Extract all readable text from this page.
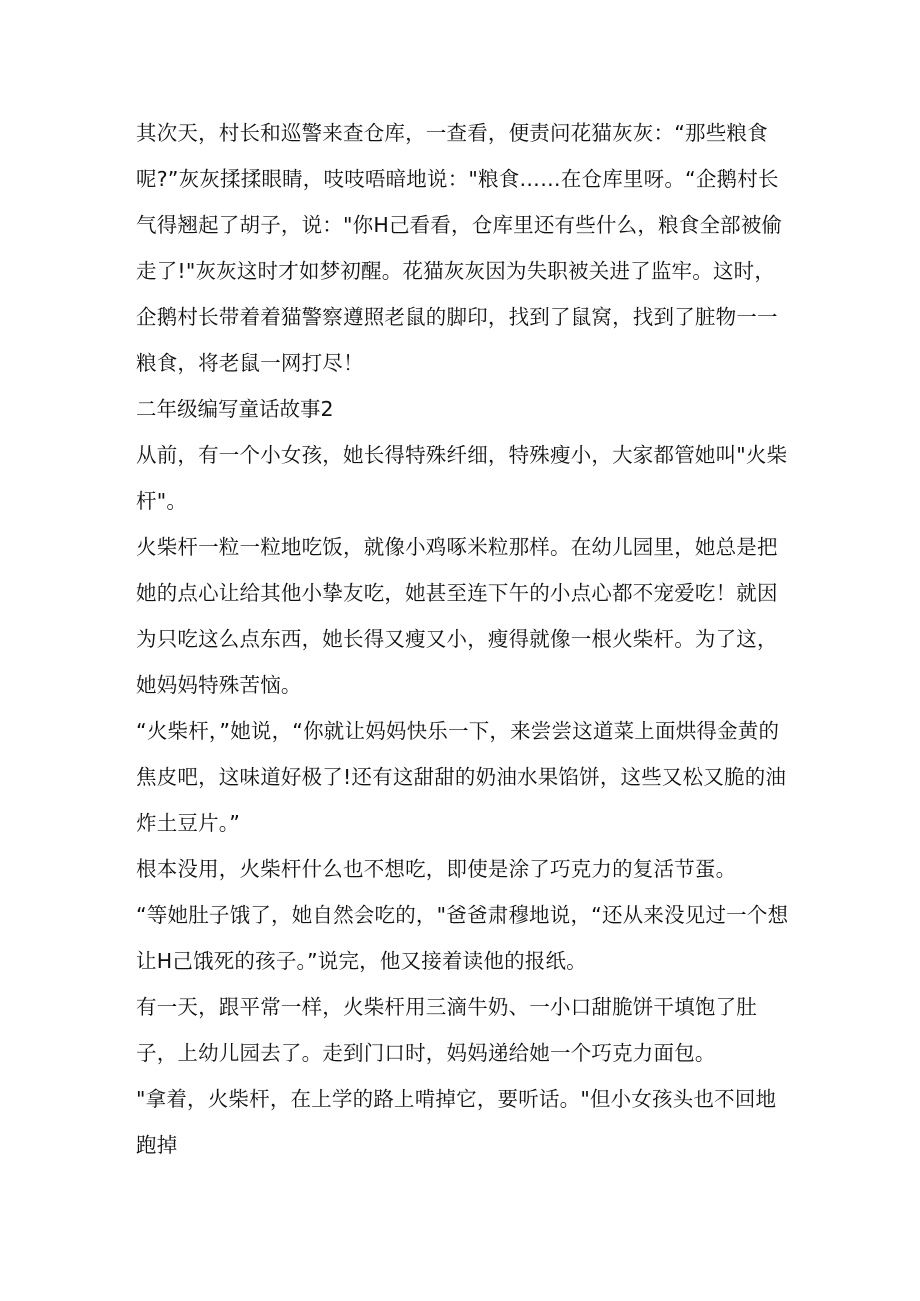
其次天，村长和巡警来查仓库，一查看，便责问花猫灰灰：“那些粮食呢?”灰灰揉揉眼睛，吱吱唔暗地说："粮食……在仓库里呀。“企鹅村长气得翘起了胡子，说："你H己看看，仓库里还有些什么，粮食全部被偷走了!"灰灰这时才如梦初醒。花猫灰灰因为失职被关进了监牢。这时，企鹅村长带着着猫警察遵照老鼠的脚印，找到了鼠窝，找到了脏物一一粮食，将老鼠一网打尽！

二年级编写童话故事2

从前，有一个小女孩，她长得特殊纤细，特殊瘦小，大家都管她叫"火柴杆"。

火柴杆一粒一粒地吃饭，就像小鸡啄米粒那样。在幼儿园里，她总是把她的点心让给其他小挚友吃，她甚至连下午的小点心都不宠爱吃！就因为只吃这么点东西，她长得又瘦又小，瘦得就像一根火柴杆。为了这，她妈妈特殊苦恼。

“火柴杆，”她说，“你就让妈妈快乐一下，来尝尝这道菜上面烘得金黄的焦皮吧，这味道好极了!还有这甜甜的奶油水果馅饼，这些又松又脆的油炸土豆片。”

根本没用，火柴杆什么也不想吃，即使是涂了巧克力的复活节蛋。

“等她肚子饿了，她自然会吃的，"爸爸肃穆地说，“还从来没见过一个想让H己饿死的孩子。”说完，他又接着读他的报纸。

有一天，跟平常一样，火柴杆用三滴牛奶、一小口甜脆饼干填饱了肚子，上幼儿园去了。走到门口时，妈妈递给她一个巧克力面包。

"拿着，火柴杆，在上学的路上啃掉它，要听话。"但小女孩头也不回地跑掉
